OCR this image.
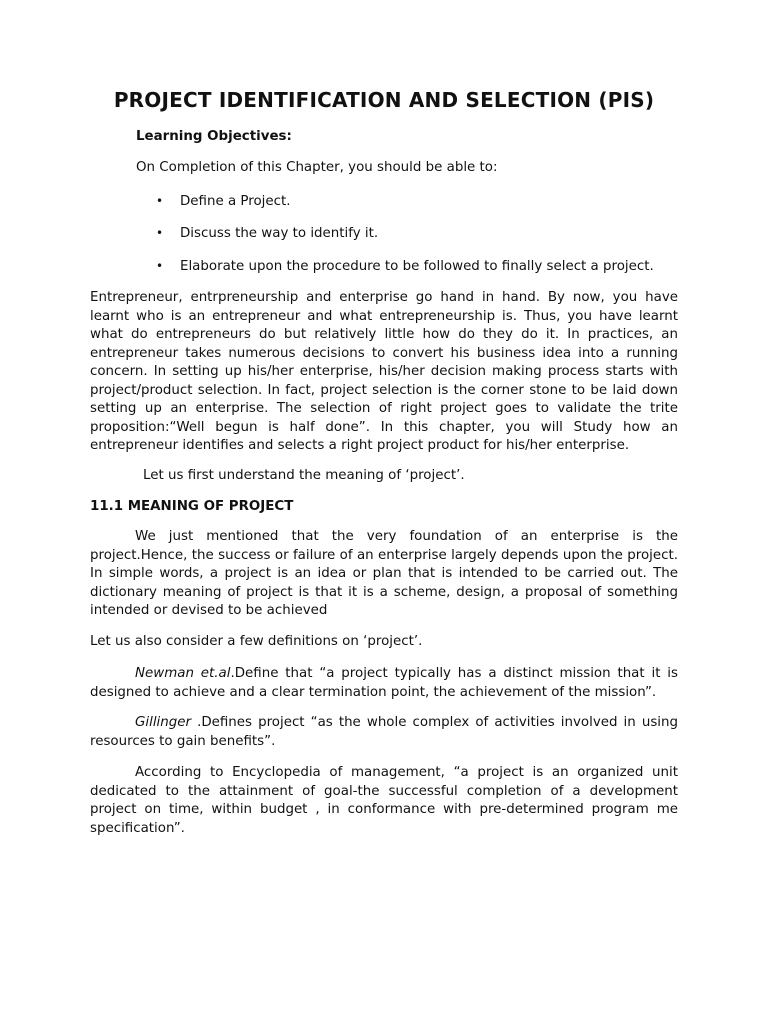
PROJECT IDENTIFICATION AND SELECTION (PIS)
Learning Objectives:
On Completion of this Chapter, you should be able to:
• Define a Project.
• Discuss the way to identify it.
• Elaborate upon the procedure to be followed to finally select a project.
Entrepreneur, entrpreneurship and enterprise go hand in hand. By now, you have learnt who is an entrepreneur and what entrepreneurship is. Thus, you have learnt what do entrepreneurs do but relatively little how do they do it. In practices, an entrepreneur takes numerous decisions to convert his business idea into a running concern. In setting up his/her enterprise, his/her decision making process starts with project/product selection. In fact, project selection is the corner stone to be laid down setting up an enterprise. The selection of right project goes to validate the trite proposition:“Well begun is half done”. In this chapter, you will Study how an entrepreneur identifies and selects a right project product for his/her enterprise.
Let us first understand the meaning of ‘project’.
11.1 MEANING OF PROJECT
We just mentioned that the very foundation of an enterprise is the project.Hence, the success or failure of an enterprise largely depends upon the project. In simple words, a project is an idea or plan that is intended to be carried out. The dictionary meaning of project is that it is a scheme, design, a proposal of something intended or devised to be achieved
Let us also consider a few definitions on ‘project’.
Newman et.al.Define that “a project typically has a distinct mission that it is designed to achieve and a clear termination point, the achievement of the mission”.
Gillinger .Defines project “as the whole complex of activities involved in using resources to gain benefits”.
According to Encyclopedia of management, “a project is an organized unit dedicated to the attainment of goal-the successful completion of a development project on time, within budget , in conformance with pre-determined program me specification”.
